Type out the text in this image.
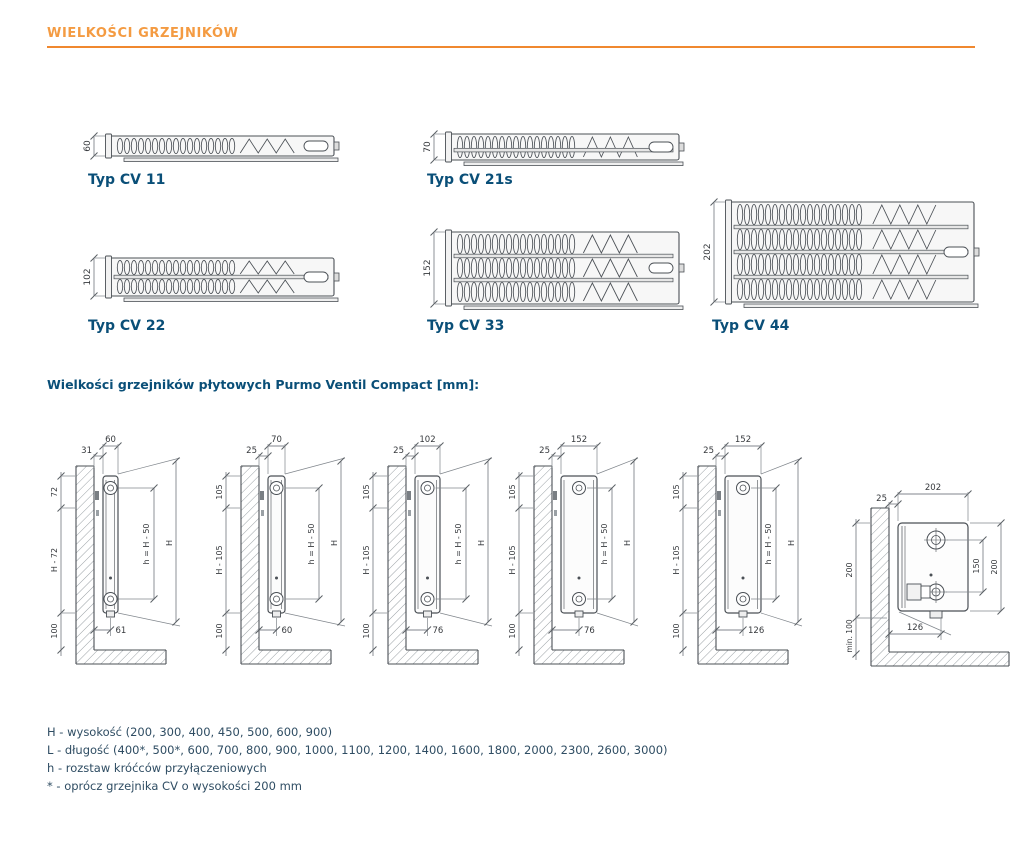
WIELKOŚCI GRZEJNIKÓW
60	70
102
152
202
Typ CV 11	Typ CV 21s
Typ CV 22	Typ CV 33	Typ CV 44
Wielkości grzejników płytowych Purmo Ventil Compact [mm]:
72
H - 72
100
60
31
h = H - 50 H
61
105
H - 105
100
70
25
h = H - 50 H
60
105
H - 105
100
102
25
h = H - 50 H
76
105
H - 105
100
152
25
h = H - 50 H
76
105
H - 105
100
152
25
h = H - 50 H
126
202
25
150 200
200
min. 100	126
H - wysokość (200, 300, 400, 450, 500, 600, 900)
L - długość (400*, 500*, 600, 700, 800, 900, 1000, 1100, 1200, 1400, 1600, 1800, 2000, 2300, 2600, 3000)
h - rozstaw króćców przyłączeniowych
* - oprócz grzejnika CV o wysokości 200 mm
